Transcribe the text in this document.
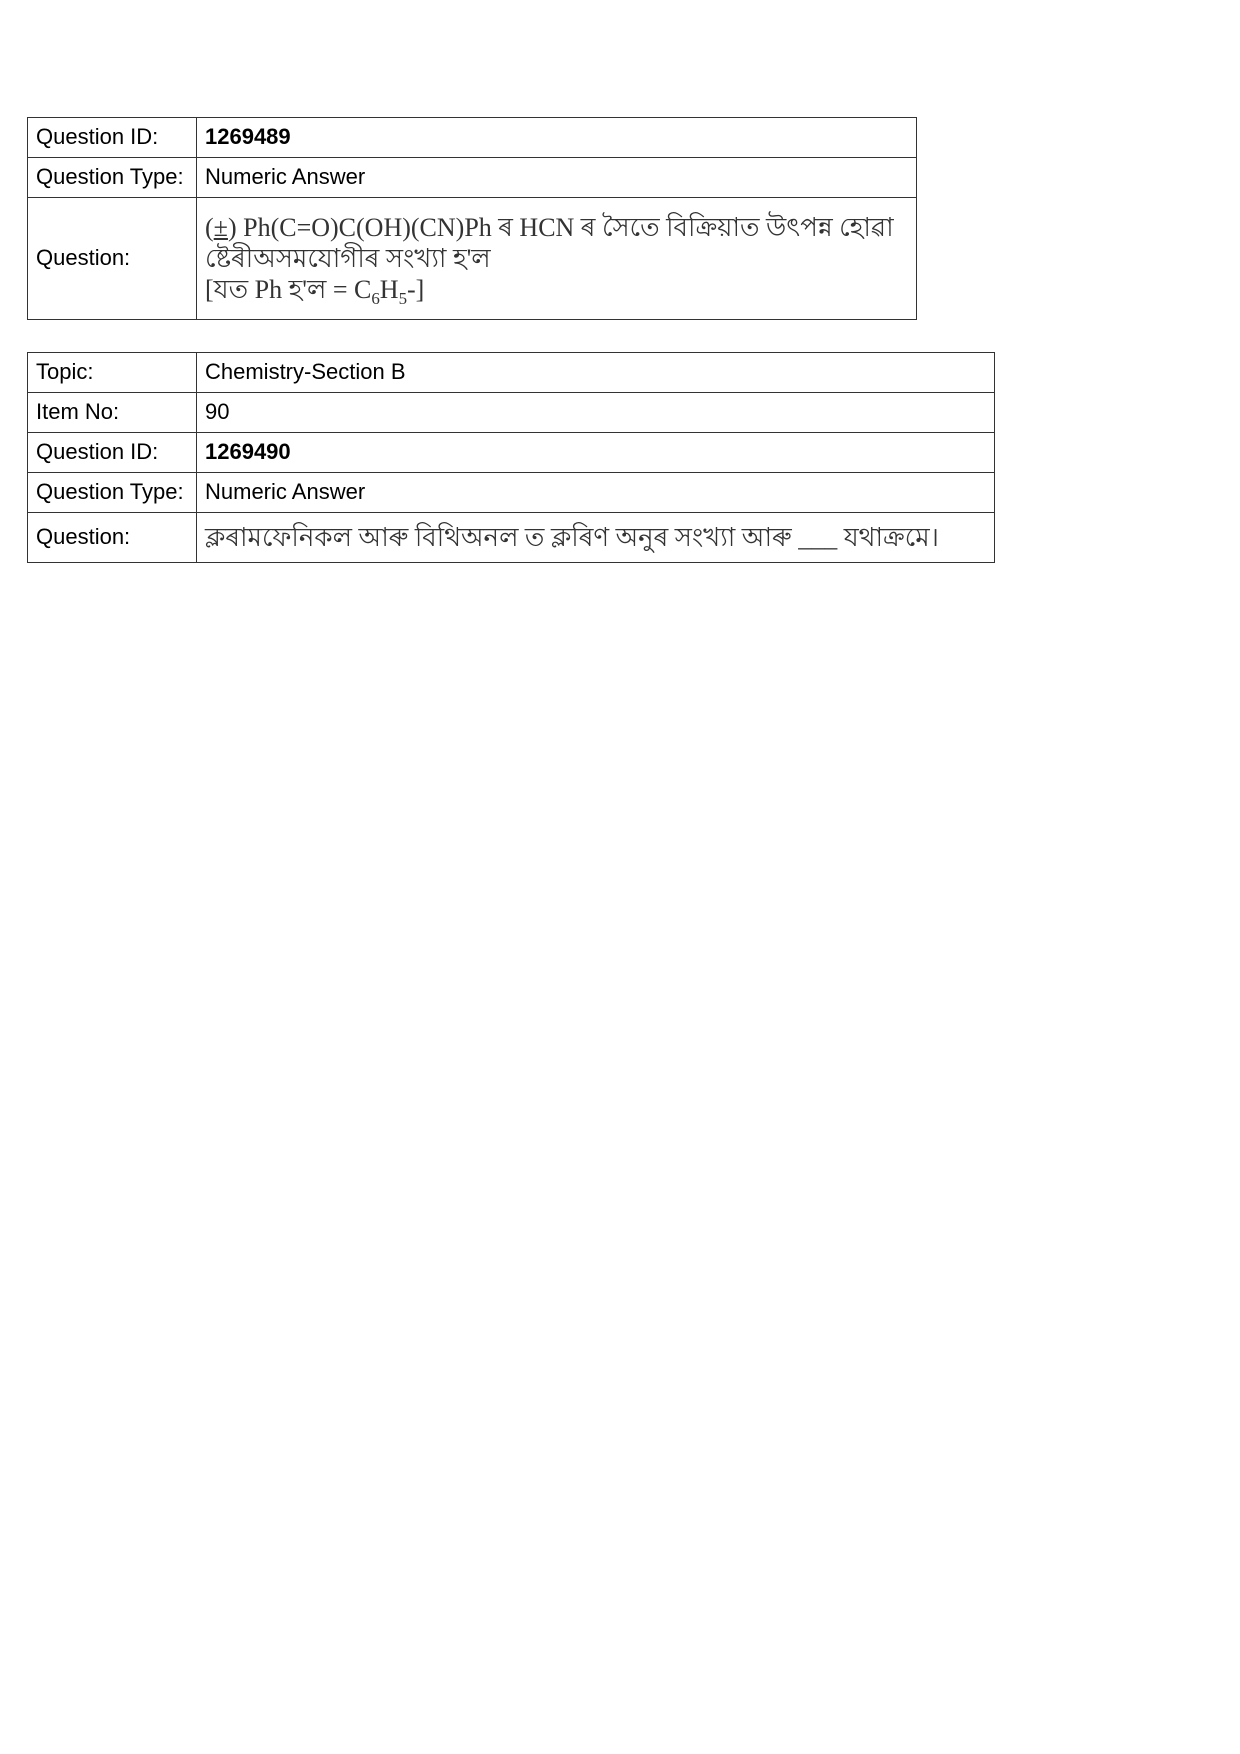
Question ID:	1269489
Question Type:	Numeric Answer
Question:	(±) Ph(C=O)C(OH)(CN)Ph ৰ HCN ৰ সৈতে বিক্ৰিয়াত উৎপন্ন হোৱা
ষ্টেৰীঅসমযোগীৰ সংখ্যা হ'ল
[যত Ph হ'ল = $C_6H_5-$]
Topic:	Chemistry-Section B
Item No:	90
Question ID:	1269490
Question Type:	Numeric Answer
Question:	ক্লৰামফেনিকল আৰু বিথিঅনল ত ক্লৰিণ অনুৰ সংখ্যা আৰু ___ যথাক্ৰমে।
